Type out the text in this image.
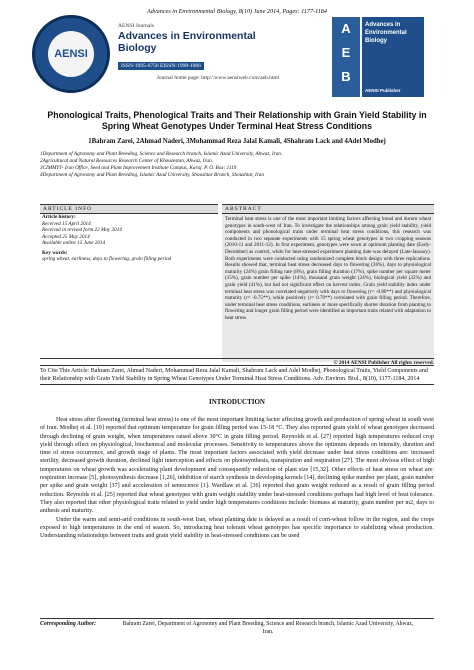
Advances in Environmental Biology, 8(10) June 2014, Pages: 1177-1184
AENSI
AENSI Journals
Advances in Environmental Biology
ISSN-1995-0756 EISSN-1998-1066
Journal home page: http://www.aensiweb.com/aeb.html
A
E
B
Advances in Environmental Biology
AENSI Publisher
Phonological Traits, Phenological Traits and Their Relationship with Grain Yield Stability in Spring Wheat Genotypes Under Terminal Heat Stress Conditions
1Bahram Zarei, 2Ahmad Naderi, 3Mohammad Reza Jalal Kamali, 4Shahram Lack and 4Adel Modhej
1Department of Agronomy and Plant Breeding, Science and Research branch, Islamic Azad University, Ahwaz, Iran.
2Agricultural and Natural Resources Research Center of Khouzestan, Ahwaz, Iran.
3CIMMYT- Iran Office, Seed and Plant Improvement Institute Campus, Karaj. P. O. Box: 1119
4Department of Agronomy and Plant Breeding, Islamic Azad University, Shoushtar Branch, Shoushtar, Iran
ARTICLE INFO
Article history:
Received 15 April 2014
Received in revised form 22 May 2014
Accepted 25 May 2014
Available online 15 June 2014
Key words:
spring wheat, earliness, days to flowering, grain filling period
ABSTRACT
Terminal heat stress is one of the most important limiting factors affecting bread and durum wheat genotypes in south-west of Iran. To investigate the relationships among grain yield stability, yield components and phonological traits under terminal heat stress conditions, this research was conducted in two separate experiments with 15 spring wheat genotypes in two cropping seasons (2010-11 and 2011-12). In first experiment, genotypes were sown at optimum planting date (Early-December) as control, while for heat-stressed experiment planting date was delayed (Late-January). Both experiments were conducted using randomized complete block design with three replications. Results showed that, terminal heat stress decreased days to flowering (26%), days to physiological maturity (24%) grain filling rate (8%), grain filling duration (17%), spike number per square meter (15%), grain number per spike (14%), thousand grain weight (24%), biological yield (32%) and grain yield (41%), but had not significant effect on harvest index. Grain yield stability index under terminal heat stress was correlated negatively with days to flowering (r= -0.80**) and physiological maturity (r= -0.75**), while positively (r= 0.70**) correlated with grain filling period. Therefore, under terminal heat stress conditions, earliness or more specifically shorter duration from planting to flowering and longer grain filling period were identified as important traits related with adaptation to heat stress.
© 2014 AENSI Publisher All rights reserved.
To Cite This Article: Bahram Zarei, Ahmad Naderi, Mohammad Reza Jalal Kamali, Shahram Lack and Adel Modhej, Phonological Traits, Yield Components and their Relationship with Grain Yield Stability in Spring Wheat Genotypes Under Terminal Heat Stress Conditions. Adv. Environ. Biol., 8(10), 1177-1184, 2014
INTRODUCTION

Heat stress after flowering (terminal heat stress) is one of the most important limiting factor affecting growth and production of spring wheat in south west of Iran. Modhej et al. [19] reported that optimum temperature for grain filling period was 15-18 °C. They also reported grain yield of wheat genotypes decreased through declining of grain weight, when temperatures raised above 30°C in grain filling period. Reynolds et al. [27] reported high temperatures reduced crop yield through effect on physiological, biochemical and molecular processes. Sensitivity to temperatures above the optimum depends on intensity, duration and time of stress occurrence, and growth stage of plants. The most important factors associated with yield decrease under heat stress conditions are: increased sterility, decreased growth duration, declined light interception and effects on photosynthesis, transpiration and respiration [27]. The most obvious effect of high temperatures on wheat growth was accelerating plant development and consequently reduction of plant size [15,32]. Other effects of heat stress on wheat are: respiration increase [5], photosynthesis decrease [1,26], inhibition of starch synthesis in developing kernels [14], declining spike number per plant, grain number per spike and grain weight [37] and acceleration of senescence [1]. Wardlaw et al. [36] reported that grain weight reduced as a result of grain filling period reduction. Reynolds et al. [25] reported that wheat genotypes with grain weight stability under heat-stressed conditions perhaps had high level of heat tolerance. They also reported that other physiological traits related to yield under high temperatures conditions include: biomass at maturity, grain number per m2, days to anthesis and maturity.

Under the warm and semi-arid conditions in south-west Iran, wheat planting date is delayed as a result of corn-wheat follow in the region, and the crops exposed to high temperatures in the end of season. So, introducing heat tolerant wheat genotypes has specific importance to stabilizing wheat production. Understanding relationships between traits and grain yield stability in heat-stressed conditions can be used

Corresponding Author:	Bahram Zarei, Department of Agronomy and Plant Breeding, Science and Research branch, Islamic Azad University, Ahwaz, Iran.
